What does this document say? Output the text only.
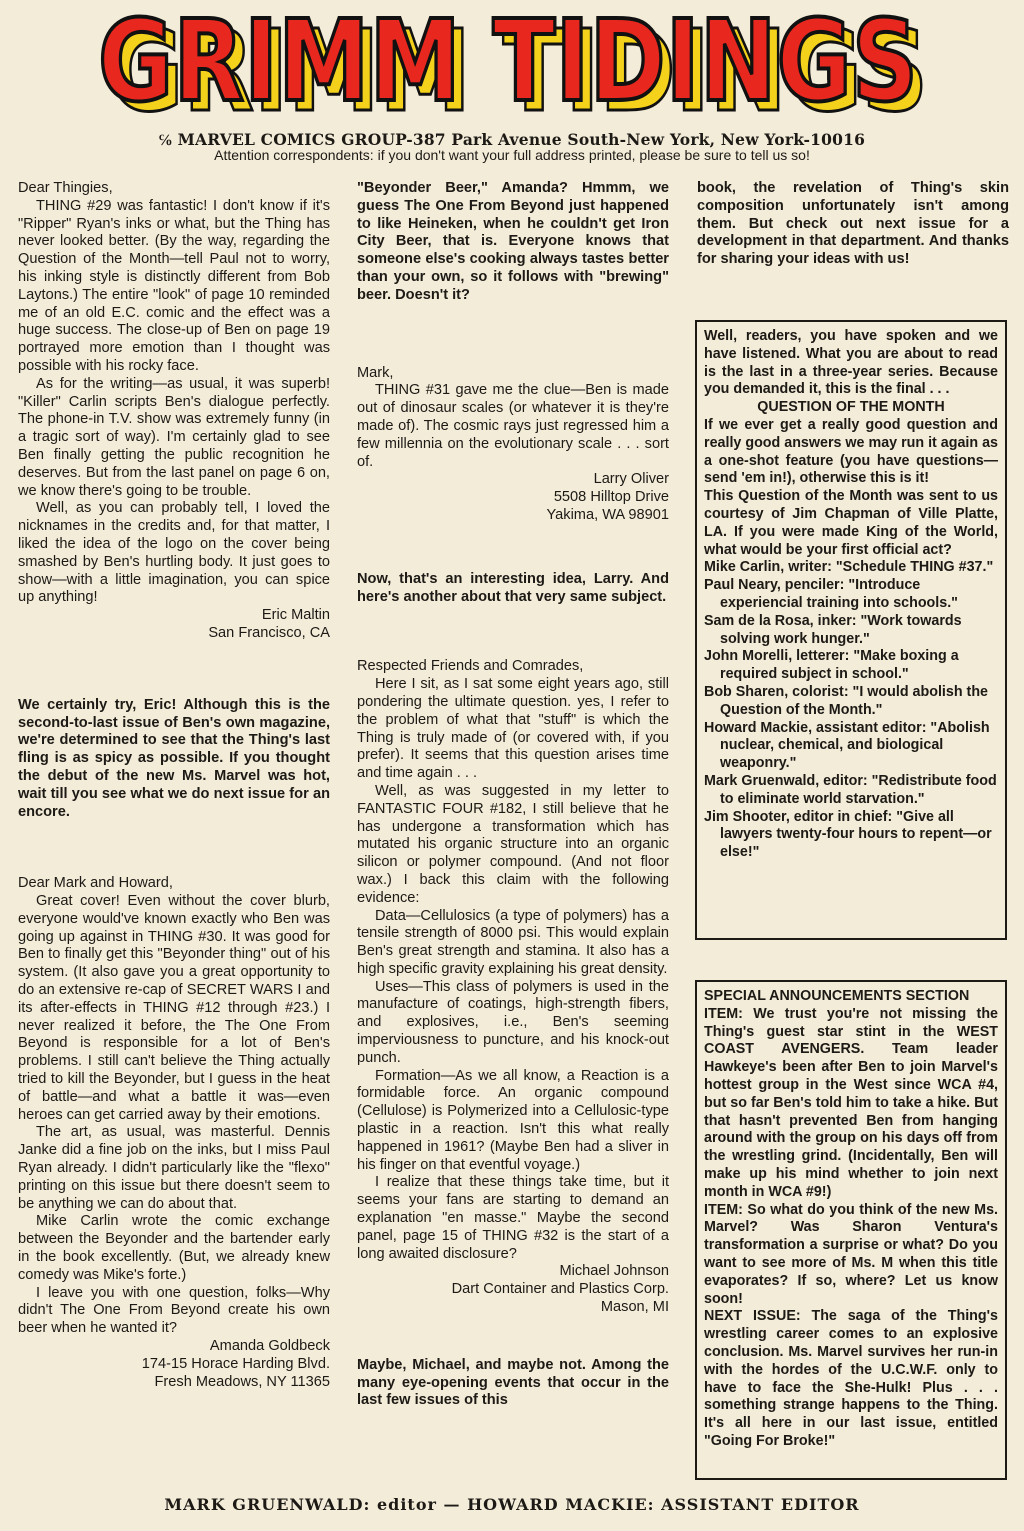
GRIMM TIDINGS
GRIMM TIDINGS
℅ MARVEL COMICS GROUP-387 Park Avenue South-New York, New York-10016
Attention correspondents: if you don't want your full address printed, please be sure to tell us so!

Dear Thingies,

THING #29 was fantastic! I don't know if it's "Ripper" Ryan's inks or what, but the Thing has never looked better. (By the way, regarding the Question of the Month—tell Paul not to worry, his inking style is distinctly different from Bob Laytons.) The entire "look" of page 10 reminded me of an old E.C. comic and the effect was a huge success. The close-up of Ben on page 19 portrayed more emotion than I thought was possible with his rocky face.

As for the writing—as usual, it was superb! "Killer" Carlin scripts Ben's dialogue perfectly. The phone-in T.V. show was extremely funny (in a tragic sort of way). I'm certainly glad to see Ben finally getting the public recognition he deserves. But from the last panel on page 6 on, we know there's going to be trouble.

Well, as you can probably tell, I loved the nicknames in the credits and, for that matter, I liked the idea of the logo on the cover being smashed by Ben's hurtling body. It just goes to show—with a little imagination, you can spice up anything!

Eric Maltin

San Francisco, CA

We certainly try, Eric! Although this is the second-to-last issue of Ben's own magazine, we're determined to see that the Thing's last fling is as spicy as possible. If you thought the debut of the new Ms. Marvel was hot, wait till you see what we do next issue for an encore.

Dear Mark and Howard,

Great cover! Even without the cover blurb, everyone would've known exactly who Ben was going up against in THING #30. It was good for Ben to finally get this "Beyonder thing" out of his system. (It also gave you a great opportunity to do an extensive re-cap of SECRET WARS I and its after-effects in THING #12 through #23.) I never realized it before, the The One From Beyond is responsible for a lot of Ben's problems. I still can't believe the Thing actually tried to kill the Beyonder, but I guess in the heat of battle—and what a battle it was—even heroes can get carried away by their emotions.

The art, as usual, was masterful. Dennis Janke did a fine job on the inks, but I miss Paul Ryan already. I didn't particularly like the "flexo" printing on this issue but there doesn't seem to be anything we can do about that.

Mike Carlin wrote the comic exchange between the Beyonder and the bartender early in the book excellently. (But, we already knew comedy was Mike's forte.)

I leave you with one question, folks—Why didn't The One From Beyond create his own beer when he wanted it?

Amanda Goldbeck

174-15 Horace Harding Blvd.

Fresh Meadows, NY 11365

"Beyonder Beer," Amanda? Hmmm, we guess The One From Beyond just happened to like Heineken, when he couldn't get Iron City Beer, that is. Everyone knows that someone else's cooking always tastes better than your own, so it follows with "brewing" beer. Doesn't it?

Mark,

THING #31 gave me the clue—Ben is made out of dinosaur scales (or whatever it is they're made of). The cosmic rays just regressed him a few millennia on the evolutionary scale . . . sort of.

Larry Oliver

5508 Hilltop Drive

Yakima, WA 98901

Now, that's an interesting idea, Larry. And here's another about that very same subject.

Respected Friends and Comrades,

Here I sit, as I sat some eight years ago, still pondering the ultimate question. yes, I refer to the problem of what that "stuff" is which the Thing is truly made of (or covered with, if you prefer). It seems that this question arises time and time again . . .

Well, as was suggested in my letter to FANTASTIC FOUR #182, I still believe that he has undergone a transformation which has mutated his organic structure into an organic silicon or polymer compound. (And not floor wax.) I back this claim with the following evidence:

Data—Cellulosics (a type of polymers) has a tensile strength of 8000 psi. This would explain Ben's great strength and stamina. It also has a high specific gravity explaining his great density.

Uses—This class of polymers is used in the manufacture of coatings, high-strength fibers, and explosives, i.e., Ben's seeming imperviousness to puncture, and his knock-out punch.

Formation—As we all know, a Reaction is a formidable force. An organic compound (Cellulose) is Polymerized into a Cellulosic-type plastic in a reaction. Isn't this what really happened in 1961? (Maybe Ben had a sliver in his finger on that eventful voyage.)

I realize that these things take time, but it seems your fans are starting to demand an explanation "en masse." Maybe the second panel, page 15 of THING #32 is the start of a long awaited disclosure?

Michael Johnson

Dart Container and Plastics Corp.

Mason, MI

Maybe, Michael, and maybe not. Among the many eye-opening events that occur in the last few issues of this

book, the revelation of Thing's skin composition unfortunately isn't among them. But check out next issue for a development in that department. And thanks for sharing your ideas with us!

Well, readers, you have spoken and we have listened. What you are about to read is the last in a three-year series. Because you demanded it, this is the final . . .

QUESTION OF THE MONTH

If we ever get a really good question and really good answers we may run it again as a one-shot feature (you have questions—send 'em in!), otherwise this is it!

This Question of the Month was sent to us courtesy of Jim Chapman of Ville Platte, LA. If you were made King of the World, what would be your first official act?

Mike Carlin, writer: "Schedule THING #37."

Paul Neary, penciler: "Introduce experiencial training into schools."

Sam de la Rosa, inker: "Work towards solving work hunger."

John Morelli, letterer: "Make boxing a required subject in school."

Bob Sharen, colorist: "I would abolish the Question of the Month."

Howard Mackie, assistant editor: "Abolish nuclear, chemical, and biological weaponry."

Mark Gruenwald, editor: "Redistribute food to eliminate world starvation."

Jim Shooter, editor in chief: "Give all lawyers twenty-four hours to repent—or else!"

SPECIAL ANNOUNCEMENTS SECTION

ITEM: We trust you're not missing the Thing's guest star stint in the WEST COAST AVENGERS. Team leader Hawkeye's been after Ben to join Marvel's hottest group in the West since WCA #4, but so far Ben's told him to take a hike. But that hasn't prevented Ben from hanging around with the group on his days off from the wrestling grind. (Incidentally, Ben will make up his mind whether to join next month in WCA #9!)

ITEM: So what do you think of the new Ms. Marvel? Was Sharon Ventura's transformation a surprise or what? Do you want to see more of Ms. M when this title evaporates? If so, where? Let us know soon!

NEXT ISSUE: The saga of the Thing's wrestling career comes to an explosive conclusion. Ms. Marvel survives her run-in with the hordes of the U.C.W.F. only to have to face the She-Hulk! Plus . . . something strange happens to the Thing. It's all here in our last issue, entitled "Going For Broke!"

MARK GRUENWALD: editor — HOWARD MACKIE: ASSISTANT EDITOR
